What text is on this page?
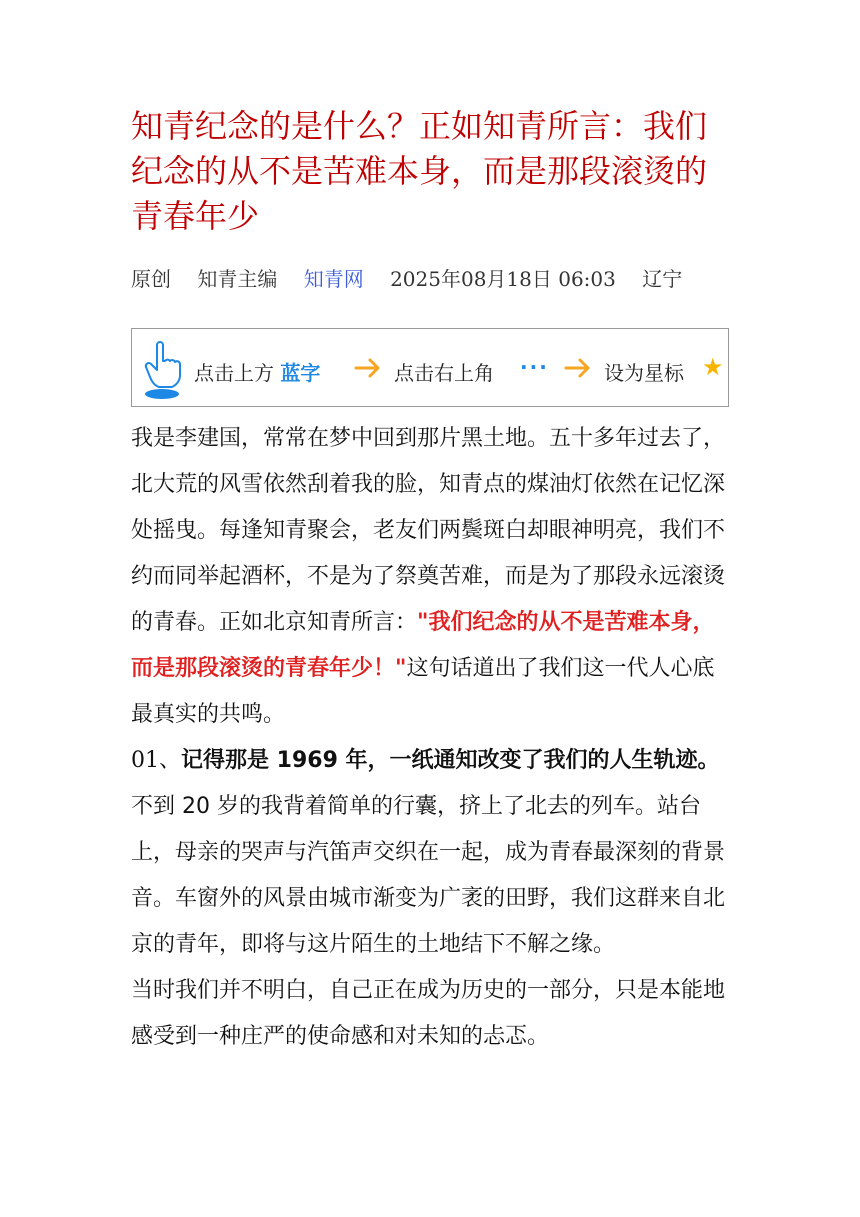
知青纪念的是什么？正如知青所言：我们纪念的从不是苦难本身，而是那段滚烫的青春年少
原创 知青主编 知青网 2025年08月18日 06:03 辽宁
点击上方 蓝字	点击右上角 ···	设为星标 ★

我是李建国，常常在梦中回到那片黑土地。五十多年过去了，北大荒的风雪依然刮着我的脸，知青点的煤油灯依然在记忆深处摇曳。每逢知青聚会，老友们两鬓斑白却眼神明亮，我们不约而同举起酒杯，不是为了祭奠苦难，而是为了那段永远滚烫的青春。正如北京知青所言："我们纪念的从不是苦难本身，而是那段滚烫的青春年少！"这句话道出了我们这一代人心底最真实的共鸣。

01、记得那是 1969 年，一纸通知改变了我们的人生轨迹。不到 20 岁的我背着简单的行囊，挤上了北去的列车。站台上，母亲的哭声与汽笛声交织在一起，成为青春最深刻的背景音。车窗外的风景由城市渐变为广袤的田野，我们这群来自北京的青年，即将与这片陌生的土地结下不解之缘。

当时我们并不明白，自己正在成为历史的一部分，只是本能地感受到一种庄严的使命感和对未知的忐忑。
